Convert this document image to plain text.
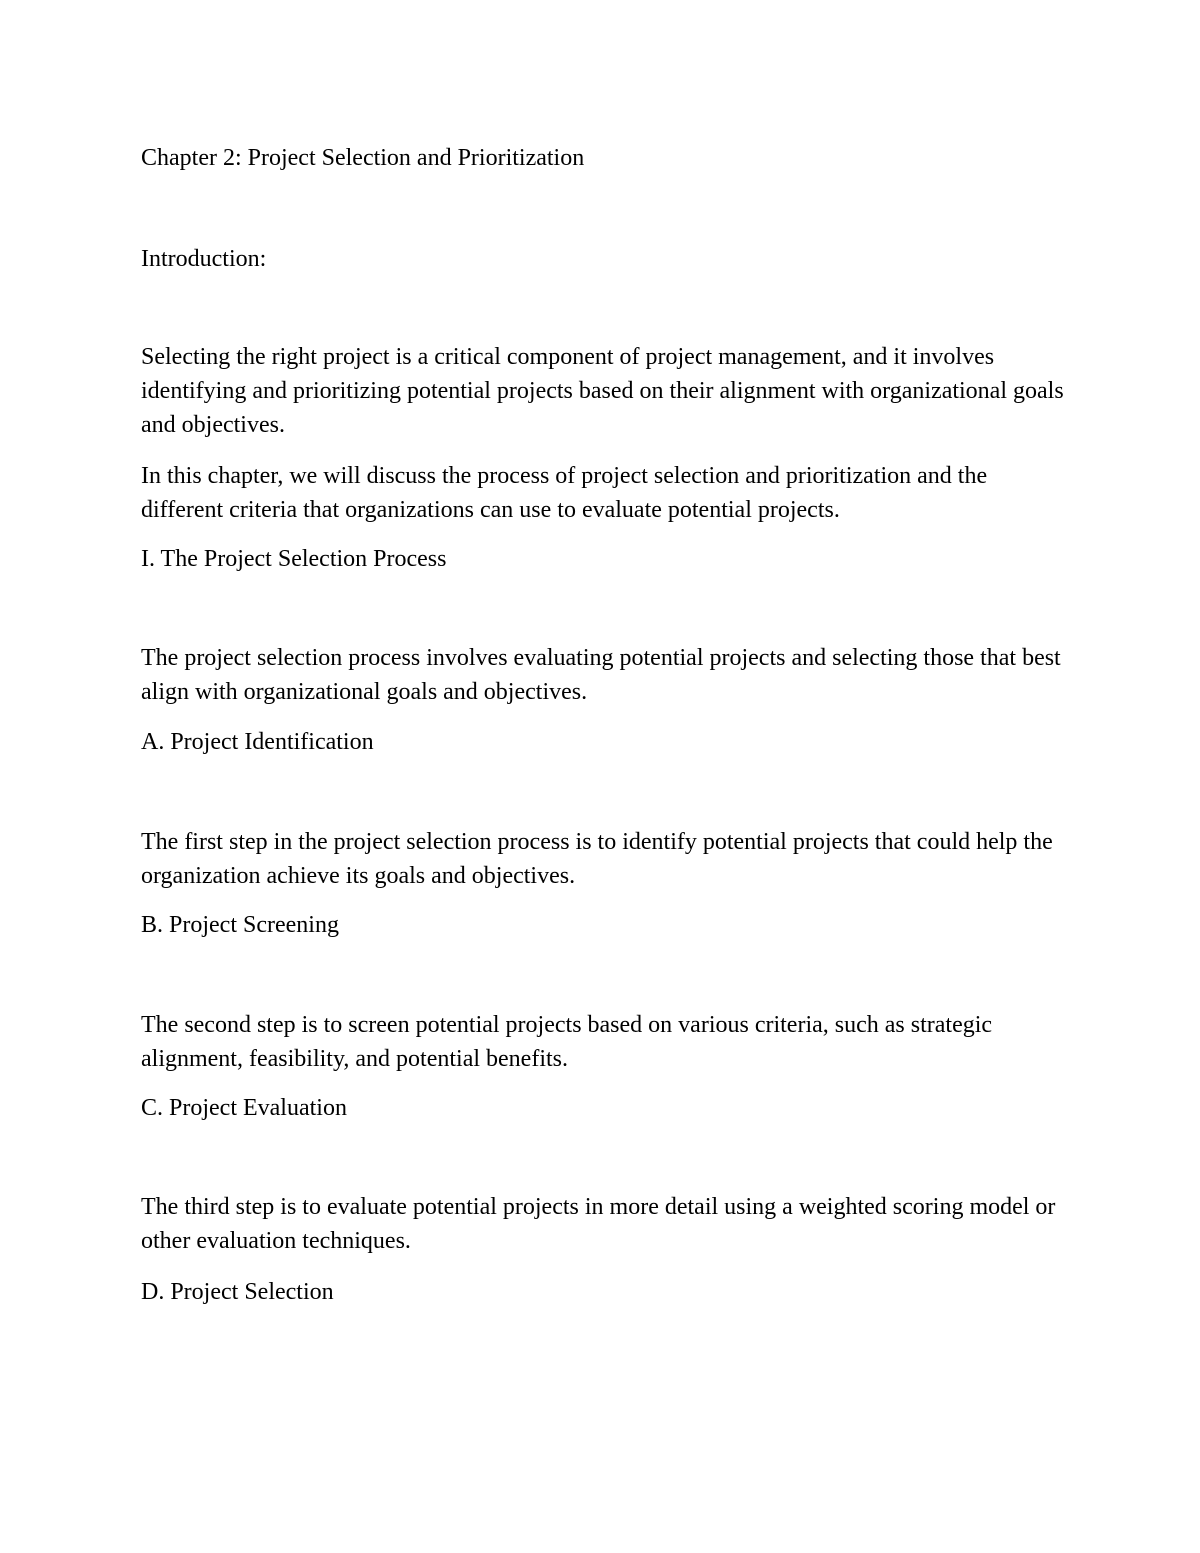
Chapter 2: Project Selection and Prioritization

Introduction:

Selecting the right project is a critical component of project management, and it involves identifying and prioritizing potential projects based on their alignment with organizational goals and objectives.

In this chapter, we will discuss the process of project selection and prioritization and the different criteria that organizations can use to evaluate potential projects.

I. The Project Selection Process

The project selection process involves evaluating potential projects and selecting those that best align with organizational goals and objectives.

A. Project Identification

The first step in the project selection process is to identify potential projects that could help the organization achieve its goals and objectives.

B. Project Screening

The second step is to screen potential projects based on various criteria, such as strategic alignment, feasibility, and potential benefits.

C. Project Evaluation

The third step is to evaluate potential projects in more detail using a weighted scoring model or other evaluation techniques.

D. Project Selection
